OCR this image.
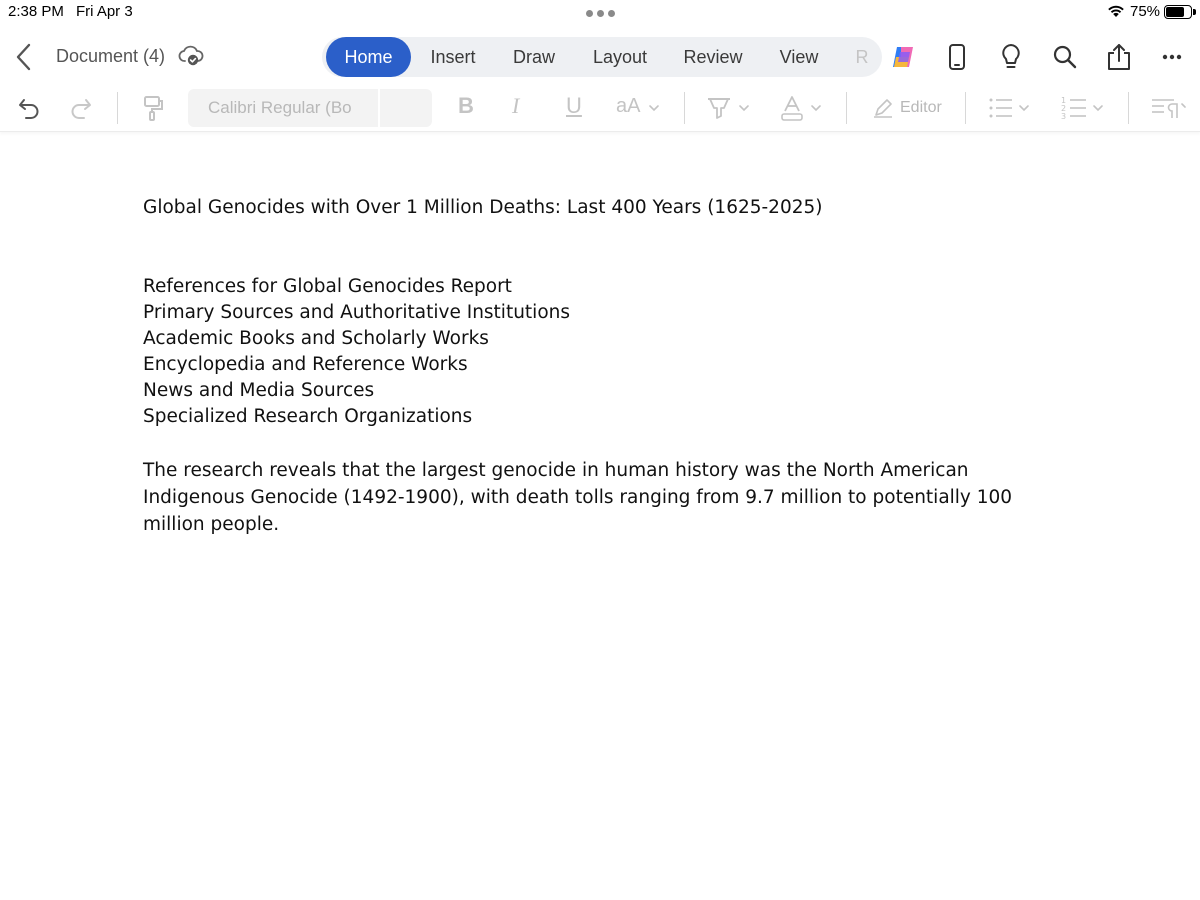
2:38 PM Fri Apr 3	75%
Document (4)	Home	Insert	Draw	Layout	Review	View	R
Calibri Regular (Bo	B I U aA	Editor	1
2
3
Global Genocides with Over 1 Million Deaths: Last 400 Years (1625-2025)
References for Global Genocides Report
Primary Sources and Authoritative Institutions
Academic Books and Scholarly Works
Encyclopedia and Reference Works
News and Media Sources
Specialized Research Organizations
The research reveals that the largest genocide in human history was the North American Indigenous Genocide (1492-1900), with death tolls ranging from 9.7 million to potentially 100 million people.
